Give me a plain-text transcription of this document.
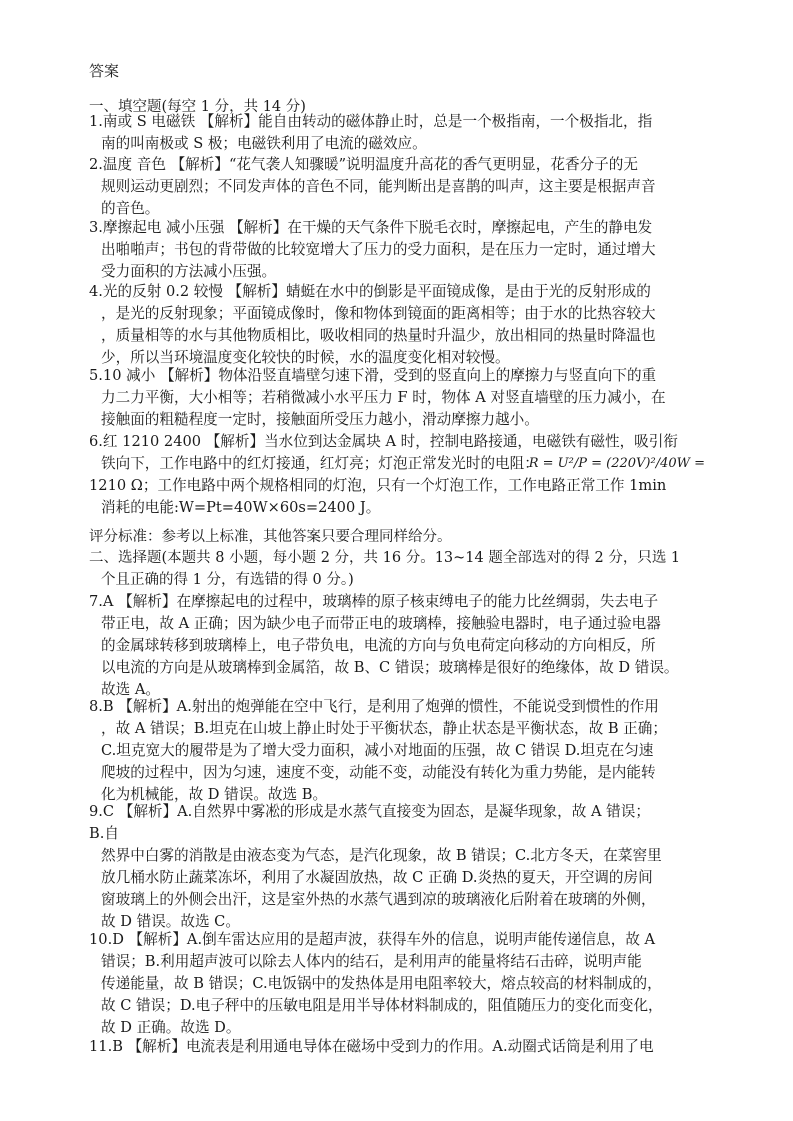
答案
一、填空题(每空 1 分，共 14 分)
1.南或 S 电磁铁 【解析】能自由转动的磁体静止时，总是一个极指南，一个极指北，指
南的叫南极或 S 极；电磁铁利用了电流的磁效应。
2.温度 音色 【解析】“花气袭人知骤暖”说明温度升高花的香气更明显，花香分子的无
规则运动更剧烈；不同发声体的音色不同，能判断出是喜鹊的叫声，这主要是根据声音
的音色。
3.摩擦起电 减小压强 【解析】在干燥的天气条件下脱毛衣时，摩擦起电，产生的静电发
出啪啪声；书包的背带做的比较宽增大了压力的受力面积，是在压力一定时，通过增大
受力面积的方法减小压强。
4.光的反射 0.2 较慢 【解析】蜻蜓在水中的倒影是平面镜成像，是由于光的反射形成的
，是光的反射现象；平面镜成像时，像和物体到镜面的距离相等；由于水的比热容较大
，质量相等的水与其他物质相比，吸收相同的热量时升温少，放出相同的热量时降温也
少，所以当环境温度变化较快的时候，水的温度变化相对较慢。
5.10 减小 【解析】物体沿竖直墙壁匀速下滑，受到的竖直向上的摩擦力与竖直向下的重
力二力平衡，大小相等；若稍微减小水平压力 F 时，物体 A 对竖直墙壁的压力减小，在
接触面的粗糙程度一定时，接触面所受压力越小，滑动摩擦力越小。
6.红 1210 2400 【解析】当水位到达金属块 A 时，控制电路接通，电磁铁有磁性，吸引衔
铁向下，工作电路中的红灯接通，红灯亮；灯泡正常发光时的电阻：
R = U²/P = (220V)²/40W =
1210 Ω；工作电路中两个规格相同的灯泡，只有一个灯泡工作，工作电路正常工作 1min
消耗的电能:W=Pt=40W×60s=2400 J。
评分标准：参考以上标准，其他答案只要合理同样给分。
二、选择题(本题共 8 小题，每小题 2 分，共 16 分。13~14 题全部选对的得 2 分，只选 1
个且正确的得 1 分，有选错的得 0 分。)
7.A 【解析】在摩擦起电的过程中，玻璃棒的原子核束缚电子的能力比丝绸弱，失去电子
带正电，故 A 正确；因为缺少电子而带正电的玻璃棒，接触验电器时，电子通过验电器
的金属球转移到玻璃棒上，电子带负电，电流的方向与负电荷定向移动的方向相反，所
以电流的方向是从玻璃棒到金属箔，故 B、C 错误；玻璃棒是很好的绝缘体，故 D 错误。
故选 A。
8.B 【解析】A.射出的炮弹能在空中飞行，是利用了炮弹的惯性，不能说受到惯性的作用
，故 A 错误；B.坦克在山坡上静止时处于平衡状态，静止状态是平衡状态，故 B 正确；
C.坦克宽大的履带是为了增大受力面积，减小对地面的压强，故 C 错误 D.坦克在匀速
爬坡的过程中，因为匀速，速度不变，动能不变，动能没有转化为重力势能，是内能转
化为机械能，故 D 错误。故选 B。
9.C 【解析】A.自然界中雾凇的形成是水蒸气直接变为固态，是凝华现象，故 A 错误；
B.自
然界中白雾的消散是由液态变为气态，是汽化现象，故 B 错误；C.北方冬天，在菜窖里
放几桶水防止蔬菜冻坏，利用了水凝固放热，故 C 正确 D.炎热的夏天，开空调的房间
窗玻璃上的外侧会出汗，这是室外热的水蒸气遇到凉的玻璃液化后附着在玻璃的外侧，
故 D 错误。故选 C。
10.D 【解析】A.倒车雷达应用的是超声波，获得车外的信息，说明声能传递信息，故 A
错误；B.利用超声波可以除去人体内的结石，是利用声的能量将结石击碎，说明声能
传递能量，故 B 错误；C.电饭锅中的发热体是用电阻率较大，熔点较高的材料制成的，
故 C 错误；D.电子秤中的压敏电阻是用半导体材料制成的，阻值随压力的变化而变化，
故 D 正确。故选 D。
11.B 【解析】电流表是利用通电导体在磁场中受到力的作用。A.动圈式话筒是利用了电
